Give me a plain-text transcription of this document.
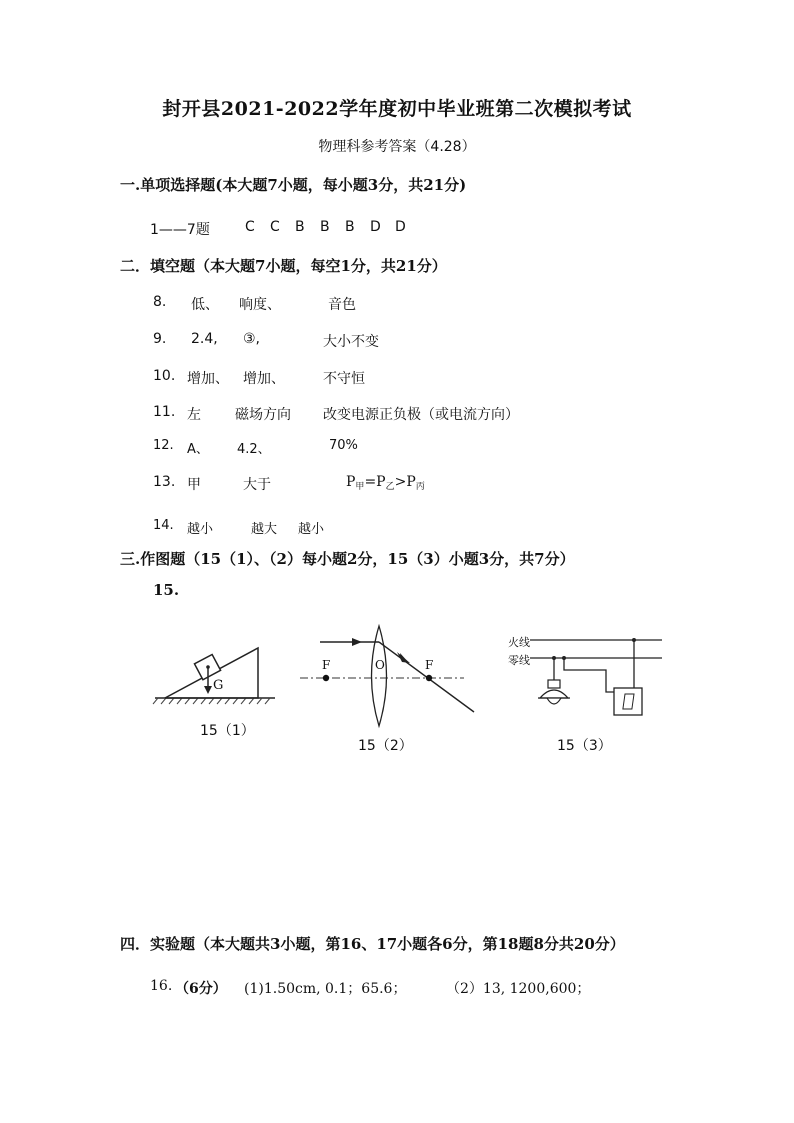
封开县2021-2022学年度初中毕业班第二次模拟考试
物理科参考答案（4.28）
一.单项选择题(本大题7小题，每小题3分，共21分)
1——7题	C C B B B D D
二．填空题（本大题7小题，每空1分，共21分）
8. 低、 响度、	音色
9. 2.4, ③,	大小不变
10. 增加、 增加、	不守恒
11. 左 磁场方向 改变电源正负极（或电流方向）
12. A、 4.2、	70%
13. 甲	大于	$P_甲=P_乙>P_丙$
14. 越小	越大 越小
三.作图题（15（1）、（2）每小题2分，15（3）小题3分，共7分）
15.
G
15（1）
F	O	F
15（2）
火线
零线
15（3）
四．实验题（本大题共3小题，第16、17小题各6分，第18题8分共20分）
16. （6分） (1)1.50cm, 0.1；65.6；	（2）13, 1200,600；
